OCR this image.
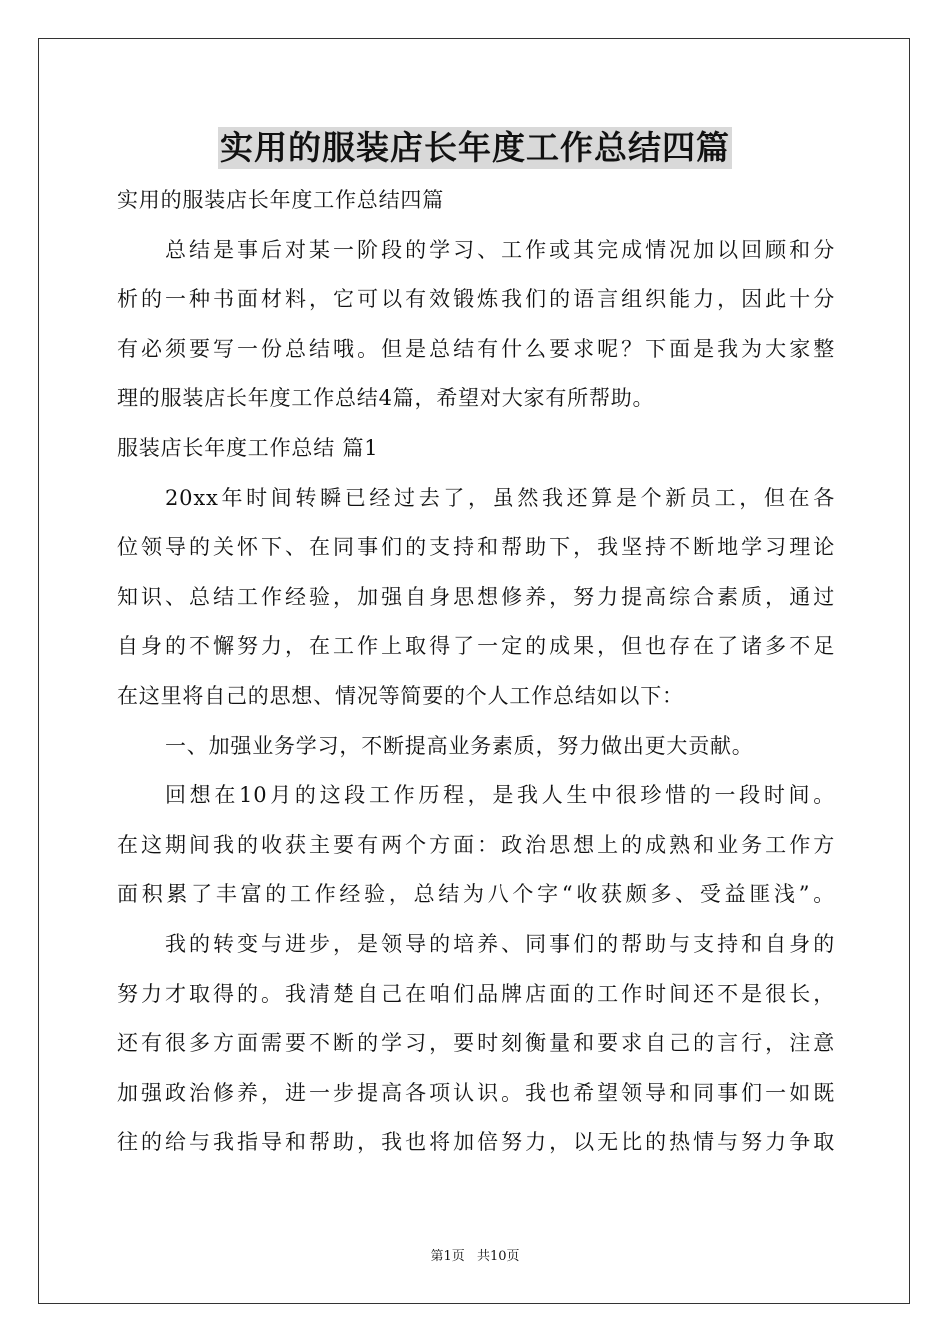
实用的服装店长年度工作总结四篇
实用的服装店长年度工作总结四篇
总结是事后对某一阶段的学习、工作或其完成情况加以回顾和分
析的一种书面材料，它可以有效锻炼我们的语言组织能力，因此十分
有必须要写一份总结哦。但是总结有什么要求呢？下面是我为大家整
理的服装店长年度工作总结4篇，希望对大家有所帮助。
服装店长年度工作总结 篇1
20xx年时间转瞬已经过去了，虽然我还算是个新员工，但在各
位领导的关怀下、在同事们的支持和帮助下，我坚持不断地学习理论
知识、总结工作经验，加强自身思想修养，努力提高综合素质，通过
自身的不懈努力，在工作上取得了一定的成果，但也存在了诸多不足
在这里将自己的思想、情况等简要的个人工作总结如以下：
一、加强业务学习，不断提高业务素质，努力做出更大贡献。
回想在10月的这段工作历程，是我人生中很珍惜的一段时间。
在这期间我的收获主要有两个方面：政治思想上的成熟和业务工作方
面积累了丰富的工作经验，总结为八个字“收获颇多、受益匪浅”。
我的转变与进步，是领导的培养、同事们的帮助与支持和自身的
努力才取得的。我清楚自己在咱们品牌店面的工作时间还不是很长，
还有很多方面需要不断的学习，要时刻衡量和要求自己的言行，注意
加强政治修养，进一步提高各项认识。我也希望领导和同事们一如既
往的给与我指导和帮助，我也将加倍努力，以无比的热情与努力争取
第1页 共10页
